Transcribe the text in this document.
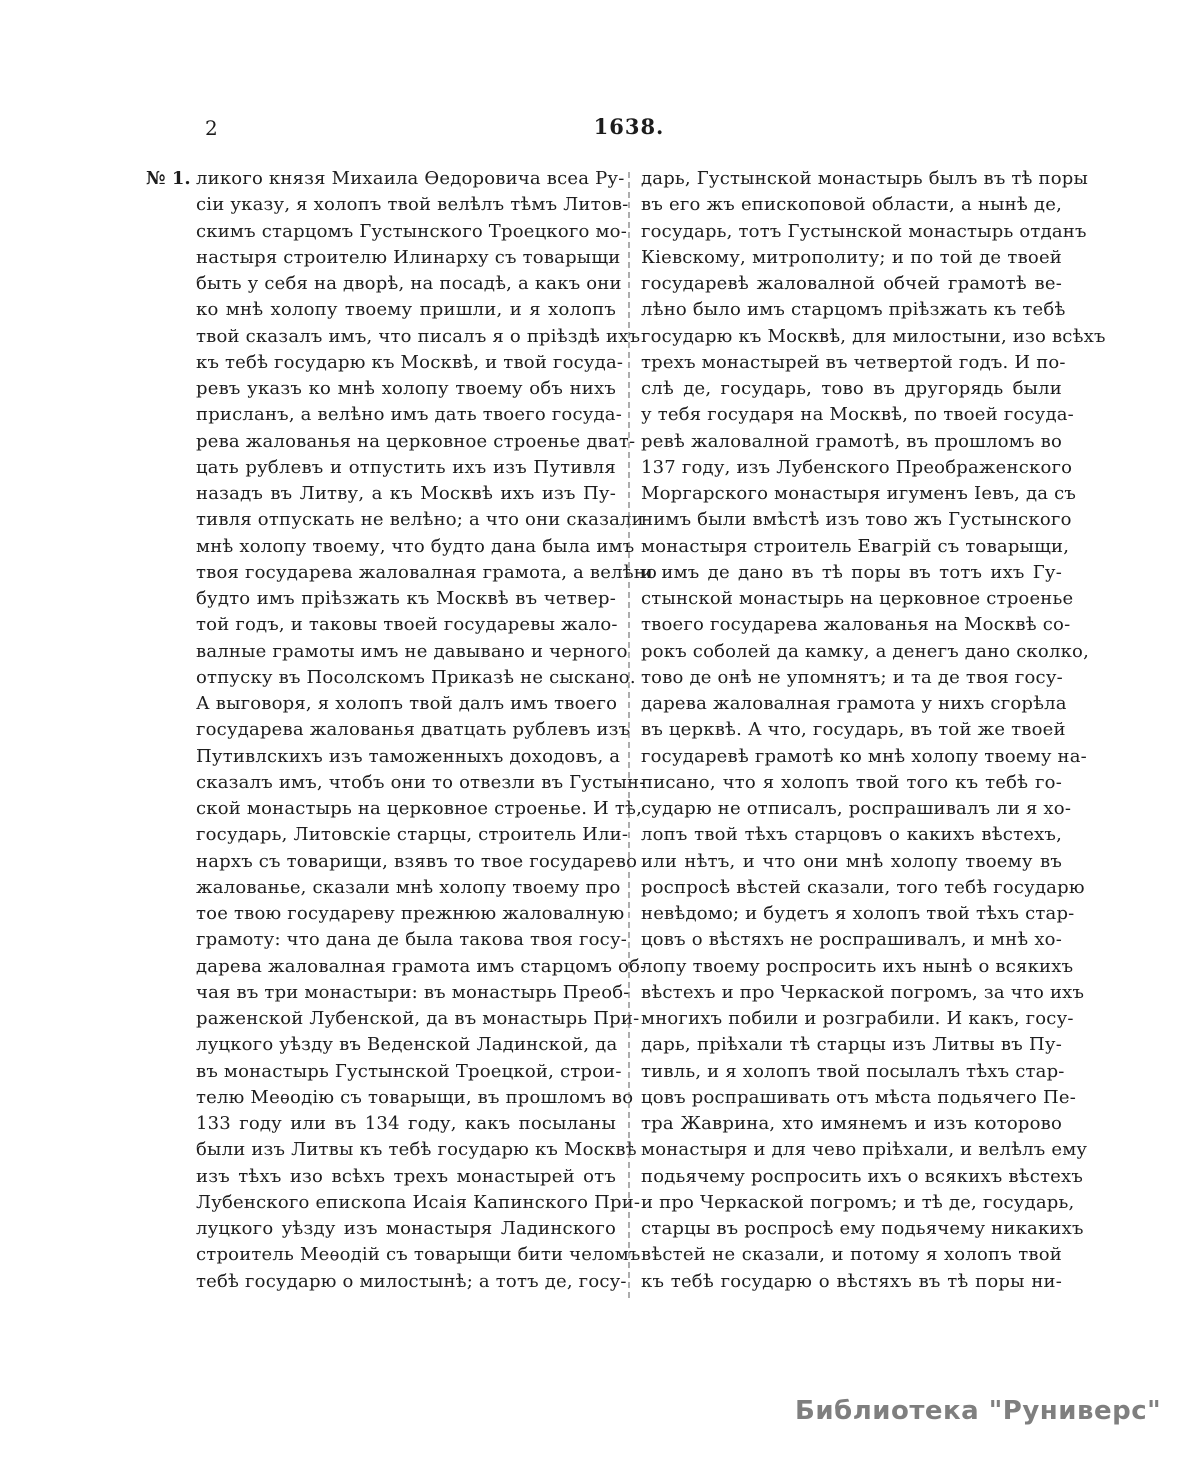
2	1638.
№ 1. ликого князя Михаила Ѳедоровича всеа Ру-
сіи указу, я холопъ твой велѣлъ тѣмъ Литов-
скимъ старцомъ Густынского Троецкого мо-
настыря строителю Илинарху съ товарыщи
быть у себя на дворѣ, на посадѣ, а какъ они
ко мнѣ холопу твоему пришли, и я холопъ
твой сказалъ имъ, что писалъ я о пріѣздѣ ихъ
къ тебѣ государю къ Москвѣ, и твой госуда-
ревъ указъ ко мнѣ холопу твоему объ нихъ
присланъ, а велѣно имъ дать твоего госуда-
рева жалованья на церковное строенье дват-
цать рублевъ и отпустить ихъ изъ Путивля
назадъ въ Литву, а къ Москвѣ ихъ изъ Пу-
тивля отпускать не велѣно; а что они сказали
мнѣ холопу твоему, что будто дана была имъ
твоя государева жаловалная грамота, а велѣно
будто имъ пріѣзжать къ Москвѣ въ четвер-
той годъ, и таковы твоей государевы жало-
валные грамоты имъ не давывано и черного
отпуску въ Посолскомъ Приказѣ не сыскано.
А выговоря, я холопъ твой далъ имъ твоего
государева жалованья дватцать рублевъ изъ
Путивлскихъ изъ таможенныхъ доходовъ, а
сказалъ имъ, чтобъ они то отвезли въ Густын-
ской монастырь на церковное строенье. И тѣ,
государь, Литовскіе старцы, строитель Или-
нархъ съ товарищи, взявъ то твое государево
жалованье, сказали мнѣ холопу твоему про
тое твою государеву прежнюю жаловалную
грамоту: что дана де была такова твоя госу-
дарева жаловалная грамота имъ старцомъ об-
чая въ три монастыри: въ монастырь Преоб-
раженской Лубенской, да въ монастырь При-
луцкого уѣзду въ Веденской Ладинской, да
въ монастырь Густынской Троецкой, строи-
телю Меѳодію съ товарыщи, въ прошломъ во
133 году или въ 134 году, какъ посыланы
были изъ Литвы къ тебѣ государю къ Москвѣ
изъ тѣхъ изо всѣхъ трехъ монастырей отъ
Лубенского епископа Исаія Капинского При-
луцкого уѣзду изъ монастыря Ладинского
строитель Меѳодій съ товарыщи бити челомъ
тебѣ государю о милостынѣ; а тотъ де, госу-
дарь, Густынской монастырь былъ въ тѣ поры
въ его жъ епископовой области, а нынѣ де,
государь, тотъ Густынской монастырь отданъ
Кіевскому, митрополиту; и по той де твоей
государевѣ жаловалной обчей грамотѣ ве-
лѣно было имъ старцомъ пріѣзжать къ тебѣ
государю къ Москвѣ, для милостыни, изо всѣхъ
трехъ монастырей въ четвертой годъ. И по-
слѣ де, государь, тово въ другорядь были
у тебя государя на Москвѣ, по твоей госуда-
ревѣ жаловалной грамотѣ, въ прошломъ во
137 году, изъ Лубенского Преображенского
Моргарского монастыря игуменъ Іевъ, да съ
нимъ были вмѣстѣ изъ тово жъ Густынского
монастыря строитель Евагрій съ товарыщи,
и имъ де дано въ тѣ поры въ тотъ ихъ Гу-
стынской монастырь на церковное строенье
твоего государева жалованья на Москвѣ со-
рокъ соболей да камку, а денегъ дано сколко,
тово де онѣ не упомнятъ; и та де твоя госу-
дарева жаловалная грамота у нихъ сгорѣла
въ церквѣ. А что, государь, въ той же твоей
государевѣ грамотѣ ко мнѣ холопу твоему на-
писано, что я холопъ твой того къ тебѣ го-
сударю не отписалъ, роспрашивалъ ли я хо-
лопъ твой тѣхъ старцовъ о какихъ вѣстехъ,
или нѣтъ, и что они мнѣ холопу твоему въ
роспросѣ вѣстей сказали, того тебѣ государю
невѣдомо; и будетъ я холопъ твой тѣхъ стар-
цовъ о вѣстяхъ не роспрашивалъ, и мнѣ хо-
лопу твоему роспросить ихъ нынѣ о всякихъ
вѣстехъ и про Черкаской погромъ, за что ихъ
многихъ побили и розграбили. И какъ, госу-
дарь, пріѣхали тѣ старцы изъ Литвы въ Пу-
тивль, и я холопъ твой посылалъ тѣхъ стар-
цовъ роспрашивать отъ мѣста подьячего Пе-
тра Жаврина, хто имянемъ и изъ которово
монастыря и для чево пріѣхали, и велѣлъ ему
подьячему роспросить ихъ о всякихъ вѣстехъ
и про Черкаской погромъ; и тѣ де, государь,
старцы въ роспросѣ ему подьячему никакихъ
вѣстей не сказали, и потому я холопъ твой
къ тебѣ государю о вѣстяхъ въ тѣ поры ни-
Библиотека "Руниверс"
